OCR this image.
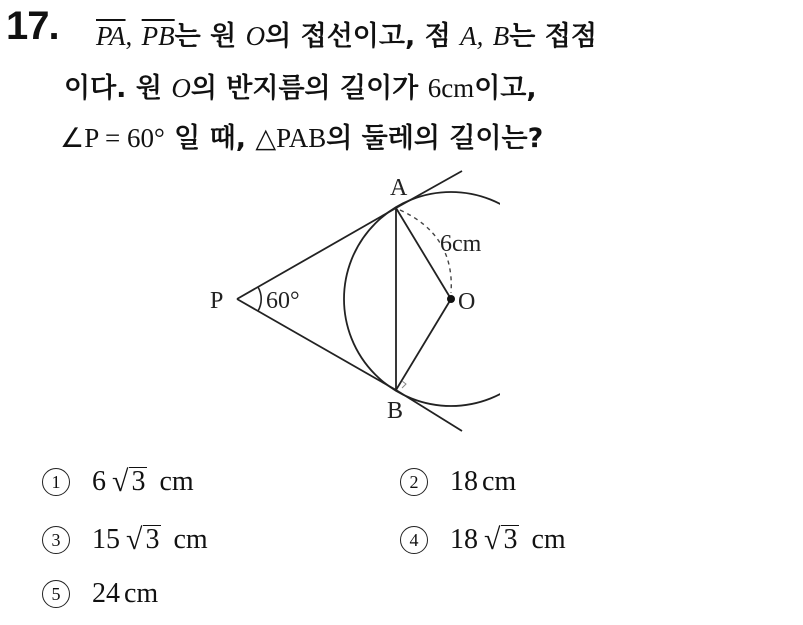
17. $\overline{PA}$, $\overline{PB}$는 원 O의 접선이고, 점 A, B는 접점
이다. 원 O의 반지름의 길이가 6cm이고,
∠P = 60° 일 때, △PAB의 둘레의 길이는?
A
B
P	O
60°
6cm
1	6 √ 3 cm	2	18 cm
3	15 √ 3 cm	4	18 √ 3 cm
5	24 cm
